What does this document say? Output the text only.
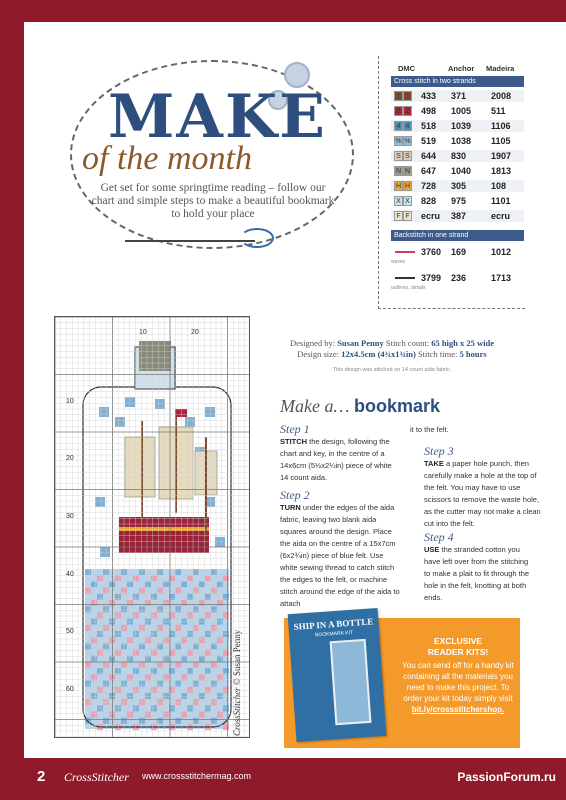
MAKE
of the month
Get set for some springtime reading – follow our chart and simple steps to make a beautiful bookmark to hold your place
DMC	Anchor Madeira
Cross stitch in two strands
↑ ↑	433 371	2008
Z Z	498 1005 511
4 4	518 1039 1106
% % 519 1038 1105
S S	644 830	1907
N N	647 1040 1813
H H	728 305	108
X X	828 975	1101
F F	ecru 387	ecru
Backstitch in one strand
3760 169	1012
3799 236	1713
10	20
10
20
30
40
50
60	CrossStitcher © Susan Penny
Designed by: Susan Penny Stitch count: 65 high x 25 wide
Design size: 12x4.5cm (4¾x1¾in) Stitch time: 5 hours
This design was stitched on 14 count aida fabric.
Make a… bookmark
Step 1
STITCH the design, following the chart and key, in the centre of a 14x6cm (5½x2¼in) piece of white 14 count aida.
Step 2
TURN under the edges of the aida fabric, leaving two blank aida squares around the design. Place the aida on the centre of a 15x7cm (6x2¾in) piece of blue felt. Use white sewing thread to catch stitch the edges to the felt, or machine stitch around the edge of the aida to attach
it to the felt.
Step 3
TAKE a paper hole punch, then carefully make a hole at the top of the felt. You may have to use scissors to remove the waste hole, as the cutter may not make a clean cut into the felt.
Step 4
USE the stranded cotton you have left over from the stitching to make a plait to fit through the hole in the felt, knotting at both ends.
SHIP IN A BOTTLE
BOOKMARK KIT
EXCLUSIVE
READER KITS!
You can send off for a handy kit containing all the materials you need to make this project. To order your kit today simply visit
bit.ly/crossstitchershop.
2 CrossStitcher www.crossstitchermag.com	PassionForum.ru
waves
outlines, details
